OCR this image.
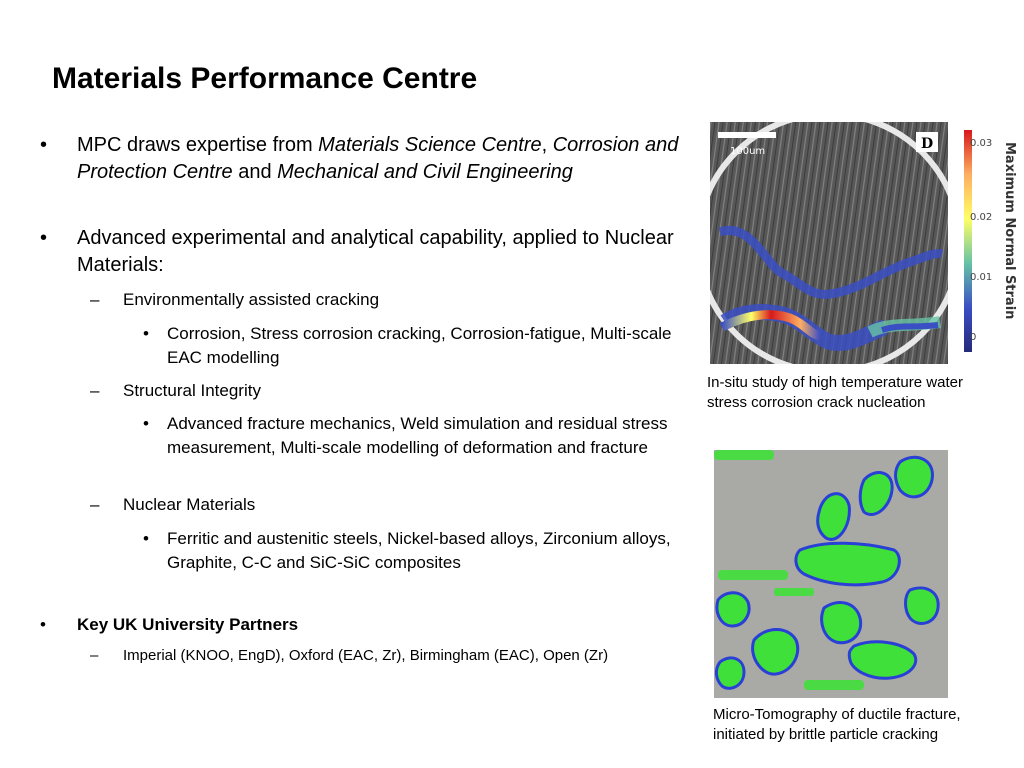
Materials Performance Centre
• MPC draws expertise from Materials Science Centre, Corrosion and Protection Centre and Mechanical and Civil Engineering
• Advanced experimental and analytical capability, applied to Nuclear Materials:
– Environmentally assisted cracking
• Corrosion, Stress corrosion cracking, Corrosion-fatigue, Multi-scale EAC modelling
– Structural Integrity
• Advanced fracture mechanics, Weld simulation and residual stress measurement, Multi-scale modelling of deformation and fracture
– Nuclear Materials
• Ferritic and austenitic steels, Nickel-based alloys, Zirconium alloys, Graphite, C-C and SiC-SiC composites
• Key UK University Partners
– Imperial (KNOO, EngD), Oxford (EAC, Zr), Birmingham (EAC), Open (Zr)
100um	D	0.03
0.02
0.01
0
Maximum Normal Strain
In-situ study of high temperature water stress corrosion crack nucleation
Micro-Tomography of ductile fracture, initiated by brittle particle cracking
